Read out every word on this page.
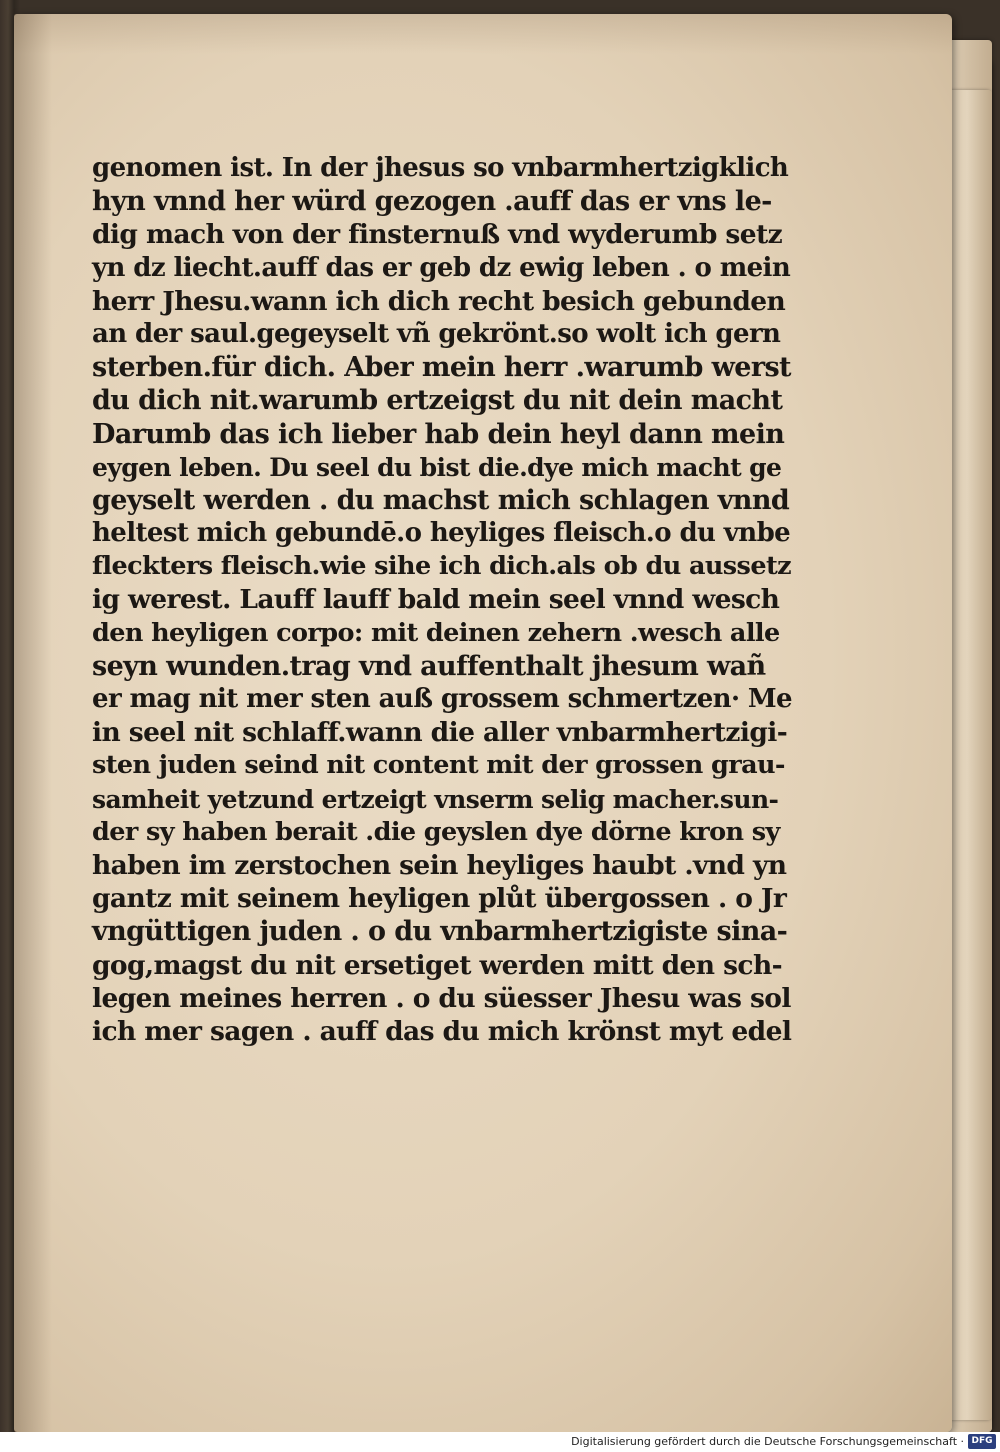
genomen ist. In der jhesus so vnbarmhertzigklich
hyn vnnd her würd gezogen .auff das er vns le-
dig mach von der finsternuß vnd wyderumb setz
yn dz liecht.auff das er geb dz ewig leben . o mein
herr Jhesu.wann ich dich recht besich gebunden
an der saul.gegeyselt vñ gekrönt.so wolt ich gern
sterben.für dich. Aber mein herr .warumb werst
du dich nit.warumb ertzeigst du nit dein macht
Darumb das ich lieber hab dein heyl dann mein
eygen leben. Du seel du bist die.dye mich macht ge
geyselt werden . du machst mich schlagen vnnd
heltest mich gebundē.o heyliges fleisch.o du vnbe
fleckters fleisch.wie sihe ich dich.als ob du aussetz
ig werest. Lauff lauff bald mein seel vnnd wesch
den heyligen corpo: mit deinen zehern .wesch alle
seyn wunden.trag vnd auffenthalt jhesum wañ
er mag nit mer sten auß grossem schmertzen· Me
in seel nit schlaff.wann die aller vnbarmhertzigi-
sten juden seind nit content mit der grossen grau-
samheit yetzund ertzeigt vnserm selig macher.sun-
der sy haben berait .die geyslen dye dörne kron sy
haben im zerstochen sein heyliges haubt .vnd yn
gantz mit seinem heyligen plůt übergossen . o Jr
vngüttigen juden . o du vnbarmhertzigiste sina-
gog,magst du nit ersetiget werden mitt den sch-
legen meines herren . o du süesser Jhesu was sol
ich mer sagen . auff das du mich krönst myt edel
Digitalisierung gefördert durch die Deutsche Forschungsgemeinschaft · DFG
